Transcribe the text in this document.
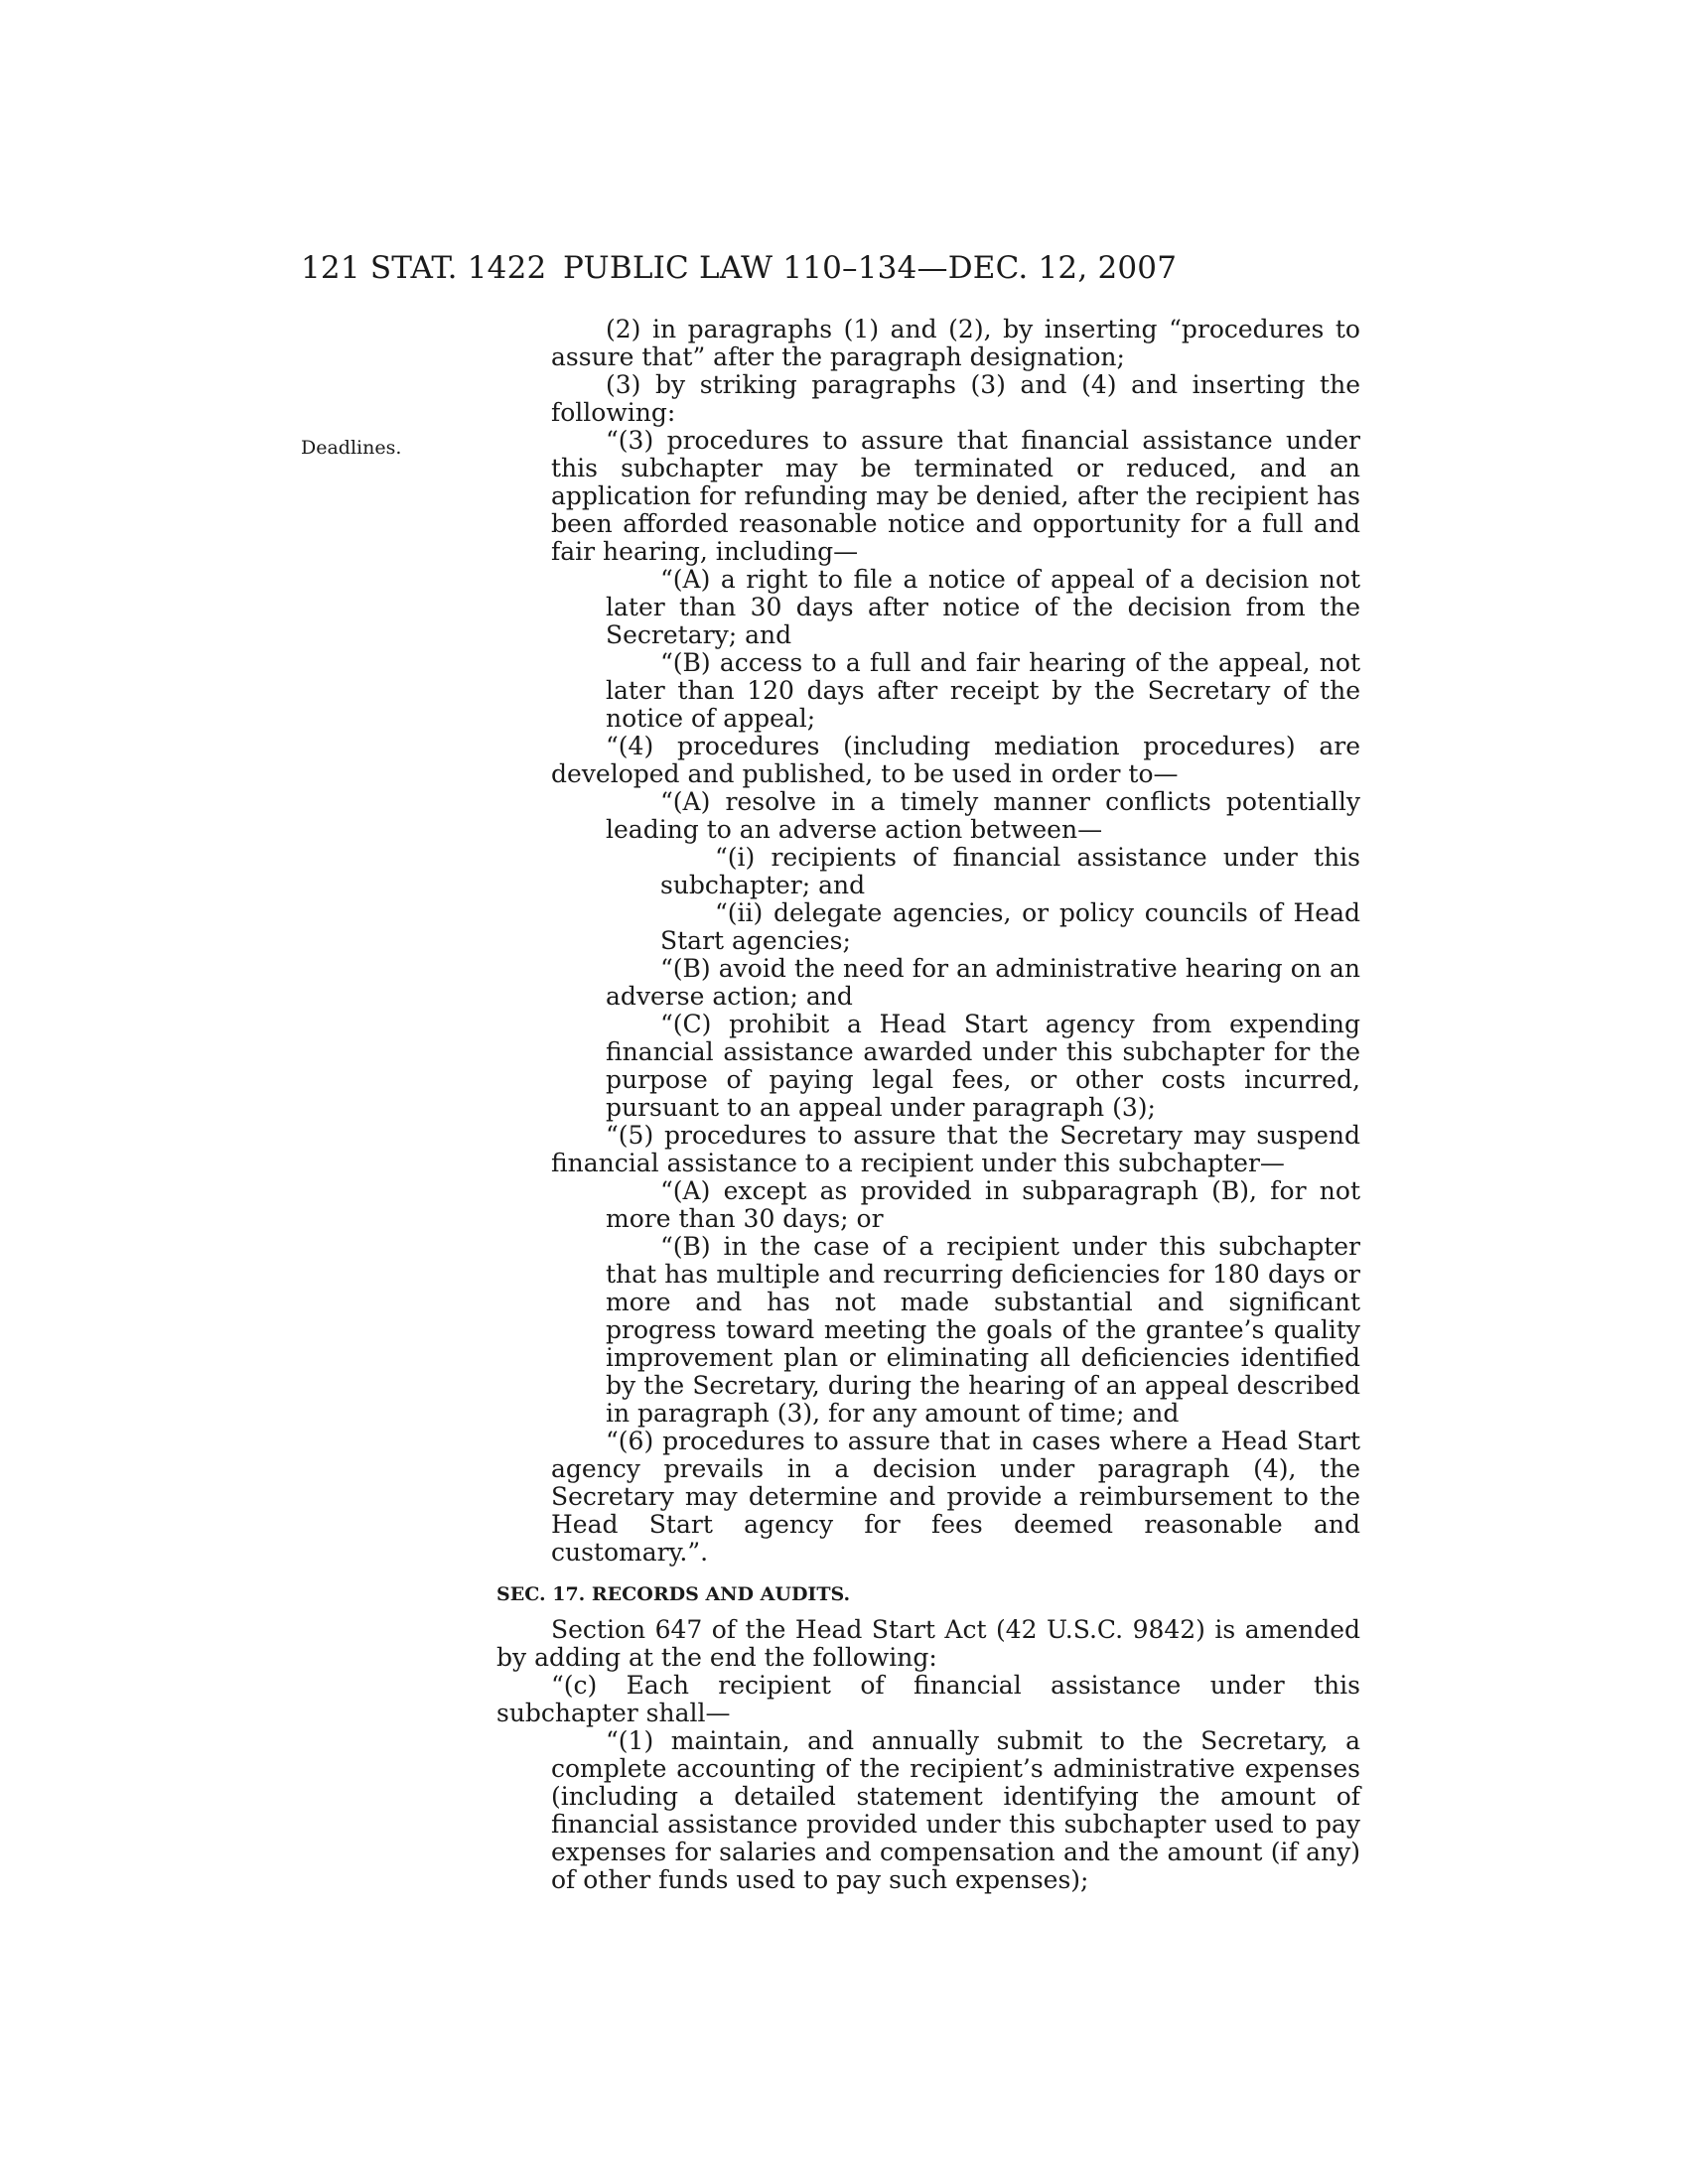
121 STAT. 1422 PUBLIC LAW 110–134—DEC. 12, 2007
Deadlines.

(2) in paragraphs (1) and (2), by inserting “procedures to assure that” after the paragraph designation;

(3) by striking paragraphs (3) and (4) and inserting the following:

“(3) procedures to assure that financial assistance under this subchapter may be terminated or reduced, and an application for refunding may be denied, after the recipient has been afforded reasonable notice and opportunity for a full and fair hearing, including—

“(A) a right to file a notice of appeal of a decision not later than 30 days after notice of the decision from the Secretary; and

“(B) access to a full and fair hearing of the appeal, not later than 120 days after receipt by the Secretary of the notice of appeal;

“(4) procedures (including mediation procedures) are developed and published, to be used in order to—

“(A) resolve in a timely manner conflicts potentially leading to an adverse action between—

“(i) recipients of financial assistance under this subchapter; and

“(ii) delegate agencies, or policy councils of Head Start agencies;

“(B) avoid the need for an administrative hearing on an adverse action; and

“(C) prohibit a Head Start agency from expending financial assistance awarded under this subchapter for the purpose of paying legal fees, or other costs incurred, pursuant to an appeal under paragraph (3);

“(5) procedures to assure that the Secretary may suspend financial assistance to a recipient under this subchapter—

“(A) except as provided in subparagraph (B), for not more than 30 days; or

“(B) in the case of a recipient under this subchapter that has multiple and recurring deficiencies for 180 days or more and has not made substantial and significant progress toward meeting the goals of the grantee’s quality improvement plan or eliminating all deficiencies identified by the Secretary, during the hearing of an appeal described in paragraph (3), for any amount of time; and

“(6) procedures to assure that in cases where a Head Start agency prevails in a decision under paragraph (4), the Secretary may determine and provide a reimbursement to the Head Start agency for fees deemed reasonable and customary.”.

SEC. 17. RECORDS AND AUDITS.

Section 647 of the Head Start Act (42 U.S.C. 9842) is amended by adding at the end the following:

“(c) Each recipient of financial assistance under this subchapter shall—

“(1) maintain, and annually submit to the Secretary, a complete accounting of the recipient’s administrative expenses (including a detailed statement identifying the amount of financial assistance provided under this subchapter used to pay expenses for salaries and compensation and the amount (if any) of other funds used to pay such expenses);
